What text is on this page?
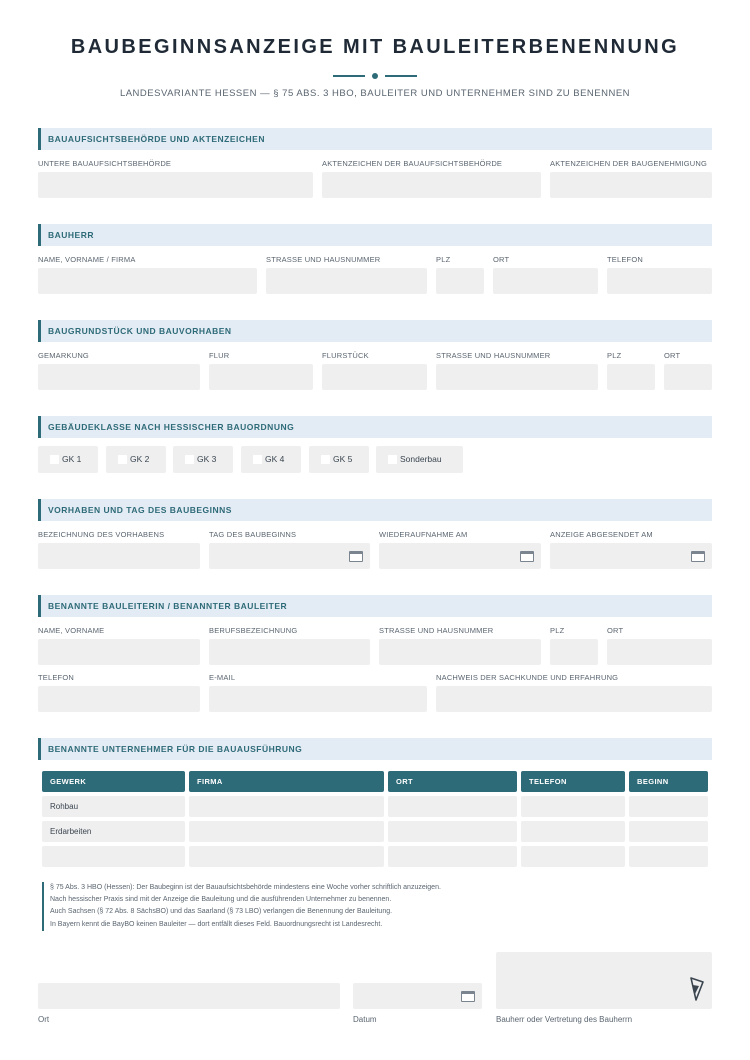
BAUBEGINNSANZEIGE MIT BAULEITERBENENNUNG
LANDESVARIANTE HESSEN — § 75 ABS. 3 HBO, BAULEITER UND UNTERNEHMER SIND ZU BENENNEN
BAUAUFSICHTSBEHÖRDE UND AKTENZEICHEN
UNTERE BAUAUFSICHTSBEHÖRDE	AKTENZEICHEN DER BAUAUFSICHTSBEHÖRDE	AKTENZEICHEN DER BAUGENEHMIGUNG
BAUHERR
NAME, VORNAME / FIRMA	STRASSE UND HAUSNUMMER	PLZ	ORT	TELEFON
BAUGRUNDSTÜCK UND BAUVORHABEN
GEMARKUNG	FLUR	FLURSTÜCK	STRASSE UND HAUSNUMMER	PLZ	ORT
GEBÄUDEKLASSE NACH HESSISCHER BAUORDNUNG
GK 1	GK 2	GK 3	GK 4	GK 5	Sonderbau
VORHABEN UND TAG DES BAUBEGINNS
BEZEICHNUNG DES VORHABENS	TAG DES BAUBEGINNS	WIEDERAUFNAHME AM	ANZEIGE ABGESENDET AM
BENANNTE BAULEITERIN / BENANNTER BAULEITER
NAME, VORNAME	BERUFSBEZEICHNUNG	STRASSE UND HAUSNUMMER	PLZ	ORT
TELEFON	E-MAIL	NACHWEIS DER SACHKUNDE UND ERFAHRUNG
BENANNTE UNTERNEHMER FÜR DIE BAUAUSFÜHRUNG
GEWERK	FIRMA	ORT	TELEFON	BEGINN
Rohbau
Erdarbeiten
§ 75 Abs. 3 HBO (Hessen): Der Baubeginn ist der Bauaufsichtsbehörde mindestens eine Woche vorher schriftlich anzuzeigen.
Nach hessischer Praxis sind mit der Anzeige die Bauleitung und die ausführenden Unternehmer zu benennen.
Auch Sachsen (§ 72 Abs. 8 SächsBO) und das Saarland (§ 73 LBO) verlangen die Benennung der Bauleitung.
In Bayern kennt die BayBO keinen Bauleiter — dort entfällt dieses Feld. Bauordnungsrecht ist Landesrecht.
Ort	Datum	Bauherr oder Vertretung des Bauherrn
